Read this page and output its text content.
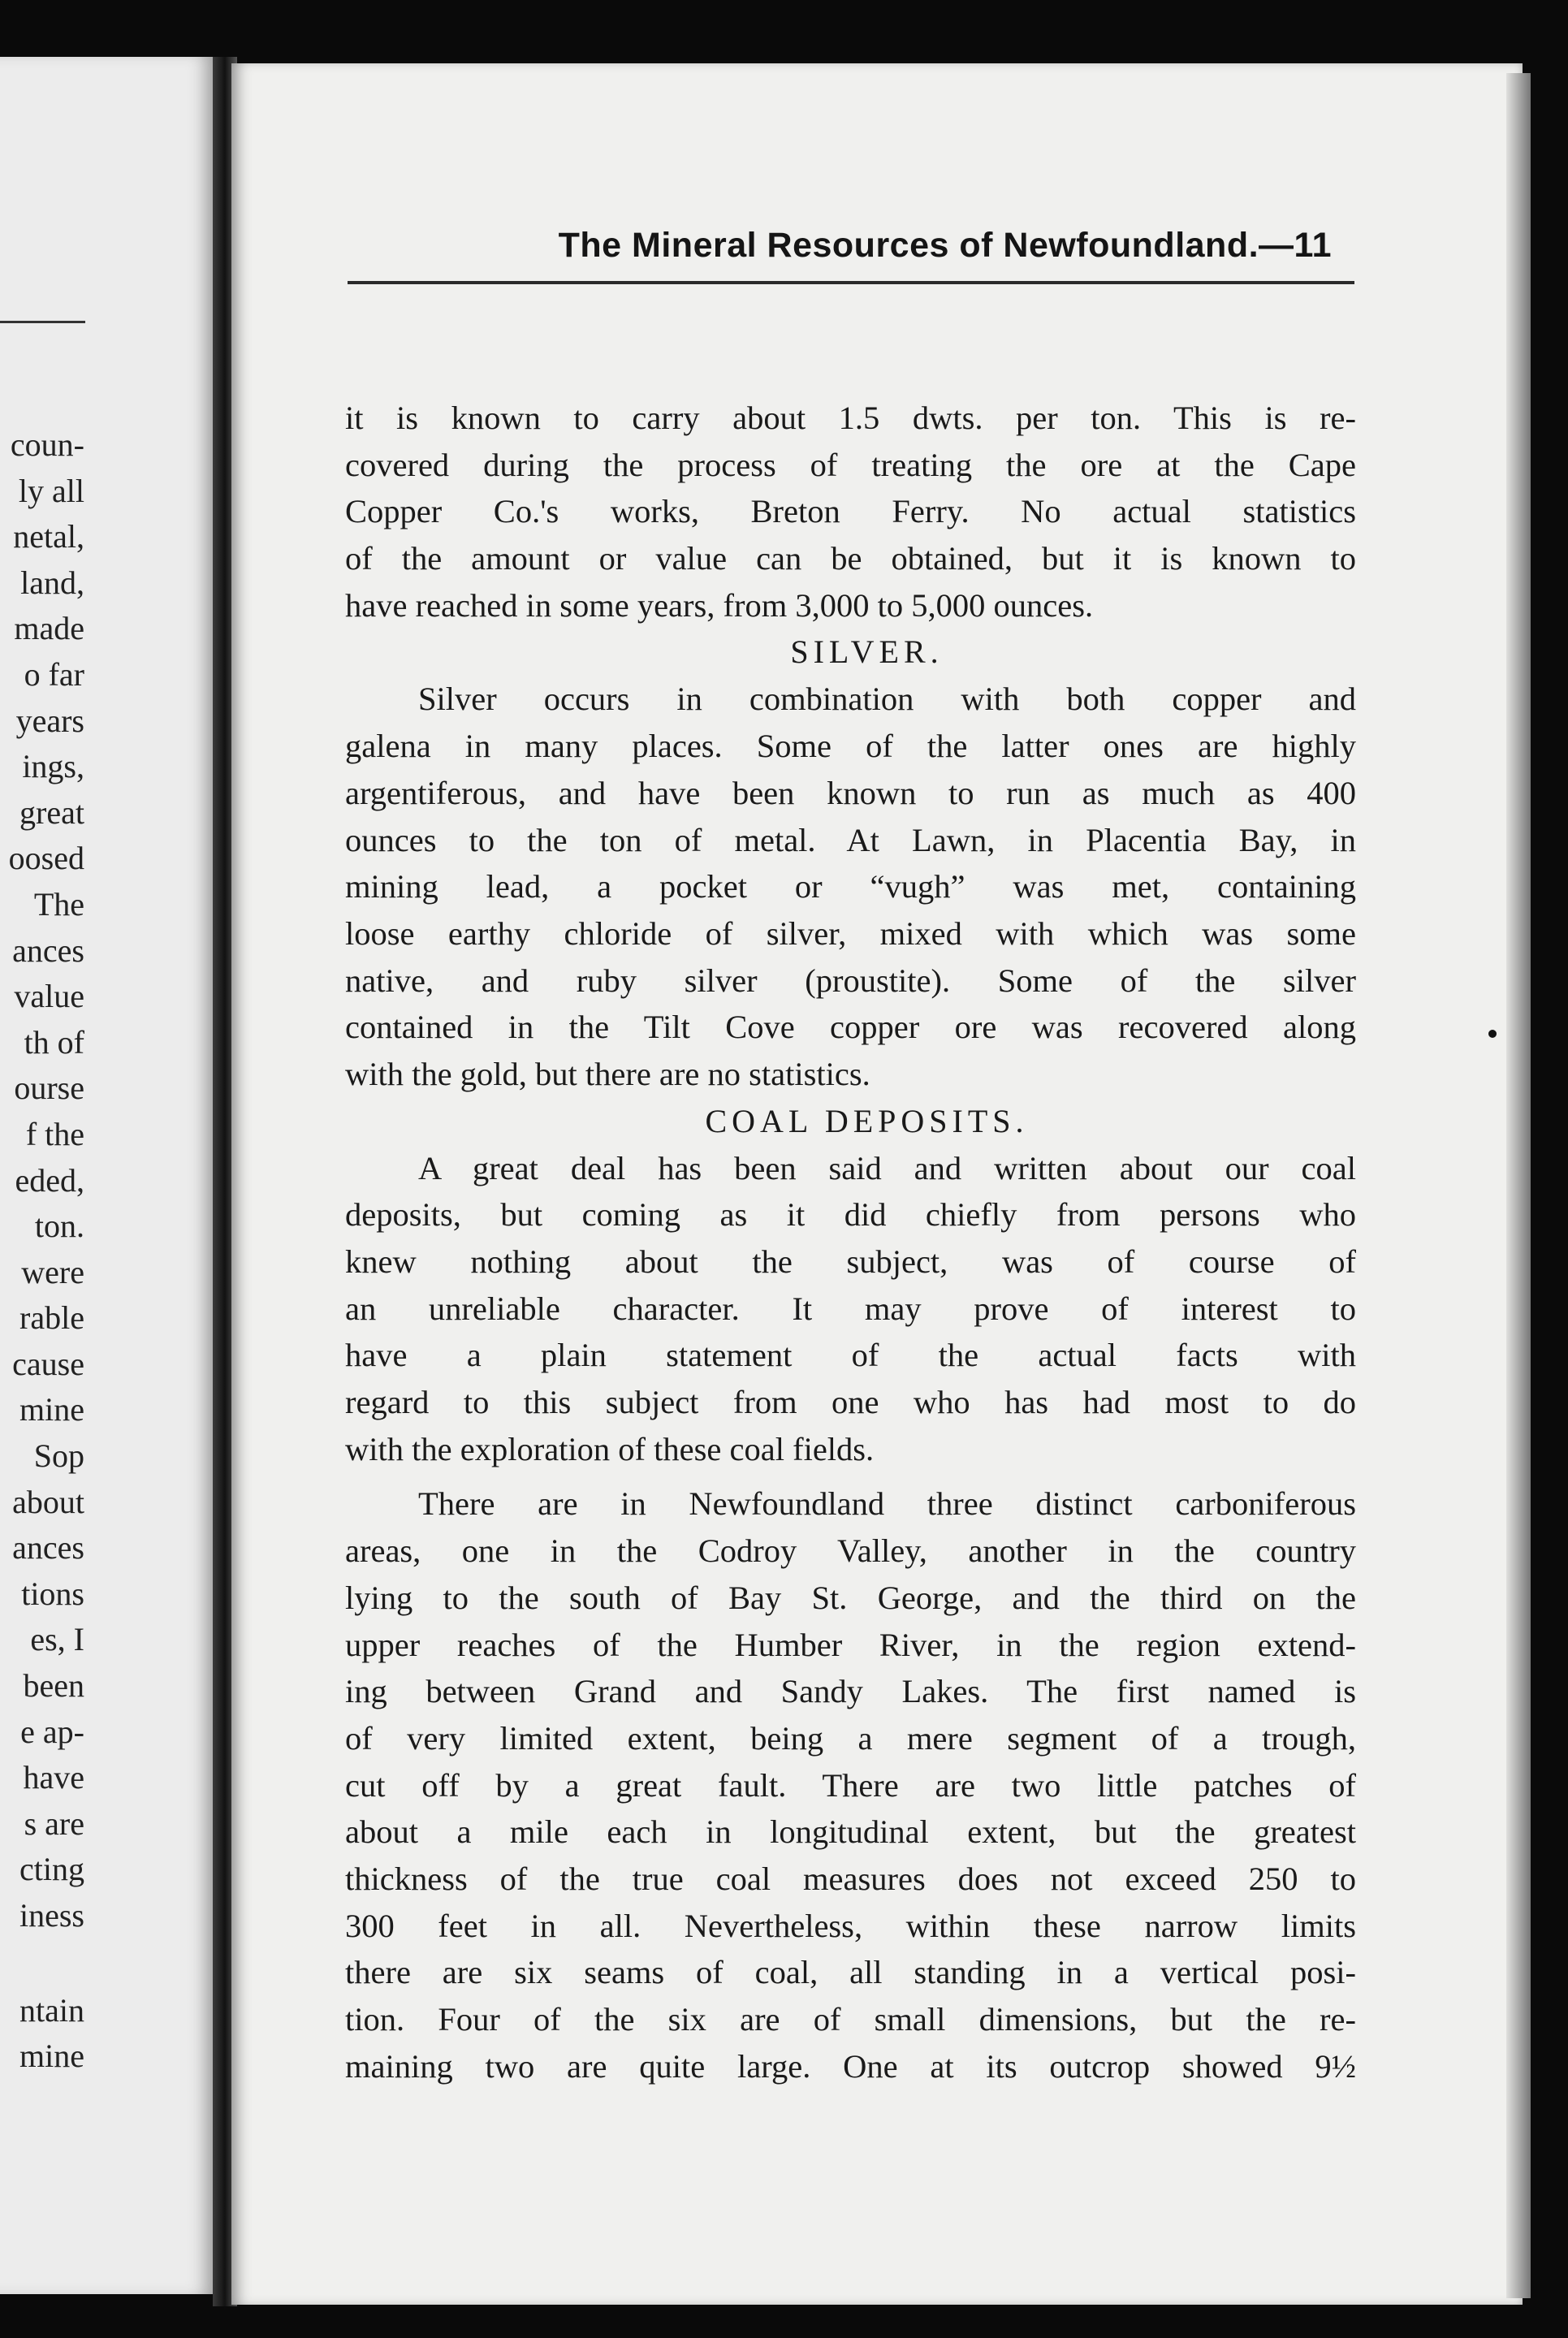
coun-
ly all
netal,
land,
made
o far
years
ings,
great
oosed
The
ances
value
th of
ourse
f the
eded,
ton.
were
rable
cause
mine
Sop
about
ances
tions
es, I
been
e ap-
have
s are
cting
iness
ntain
mine
The Mineral Resources of Newfoundland.—11
it is known to carry about 1.5 dwts. per ton. This is re-
covered during the process of treating the ore at the Cape
Copper Co.'s works, Breton Ferry. No actual statistics
of the amount or value can be obtained, but it is known to
have reached in some years, from 3,000 to 5,000 ounces.
SILVER.
Silver occurs in combination with both copper and
galena in many places. Some of the latter ones are highly
argentiferous, and have been known to run as much as 400
ounces to the ton of metal. At Lawn, in Placentia Bay, in
mining lead, a pocket or “vugh” was met, containing
loose earthy chloride of silver, mixed with which was some
native, and ruby silver (proustite). Some of the silver
contained in the Tilt Cove copper ore was recovered along
with the gold, but there are no statistics.
COAL DEPOSITS.
A great deal has been said and written about our coal
deposits, but coming as it did chiefly from persons who
knew nothing about the subject, was of course of
an unreliable character. It may prove of interest to
have a plain statement of the actual facts with
regard to this subject from one who has had most to do
with the exploration of these coal fields.
There are in Newfoundland three distinct carboniferous
areas, one in the Codroy Valley, another in the country
lying to the south of Bay St. George, and the third on the
upper reaches of the Humber River, in the region extend-
ing between Grand and Sandy Lakes. The first named is
of very limited extent, being a mere segment of a trough,
cut off by a great fault. There are two little patches of
about a mile each in longitudinal extent, but the greatest
thickness of the true coal measures does not exceed 250 to
300 feet in all. Nevertheless, within these narrow limits
there are six seams of coal, all standing in a vertical posi-
tion. Four of the six are of small dimensions, but the re-
maining two are quite large. One at its outcrop showed 9½
